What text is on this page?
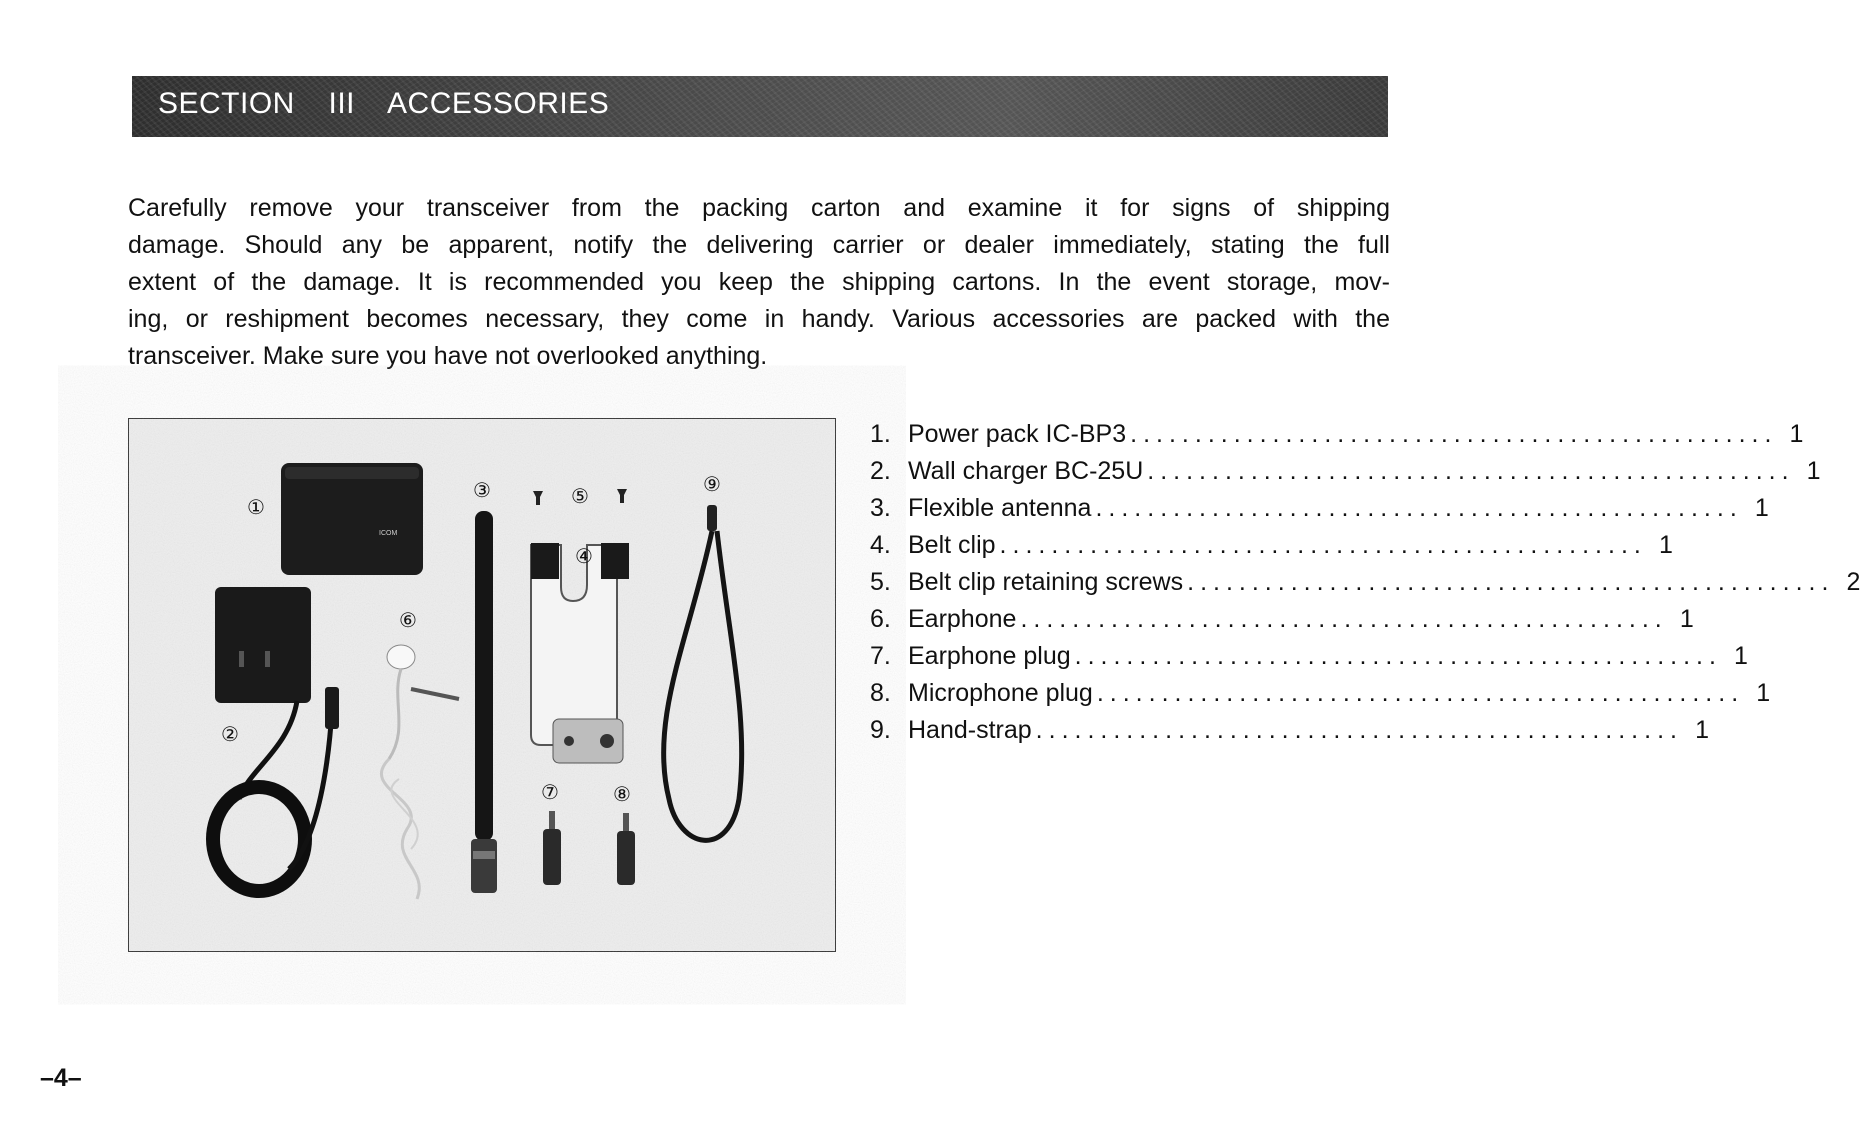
SECTION  III  ACCESSORIES
Carefully remove your transceiver from the packing carton and examine it for signs of shipping
damage. Should any be apparent, notify the delivering carrier or dealer immediately, stating the full
extent of the damage. It is recommended you keep the shipping cartons. In the event storage, mov-
ing, or reshipment becomes necessary, they come in handy. Various accessories are packed with the
transceiver. Make sure you have not overlooked anything.
ICOM
①
②
③
④
⑤
⑥
⑦	⑧
⑨
1. Power pack IC-BP3 .................................................. 1
2. Wall charger BC-25U .................................................. 1
3. Flexible antenna .................................................. 1
4. Belt clip .................................................. 1
5. Belt clip retaining screws .................................................. 2
6. Earphone .................................................. 1
7. Earphone plug .................................................. 1
8. Microphone plug .................................................. 1
9. Hand-strap .................................................. 1

–4–
